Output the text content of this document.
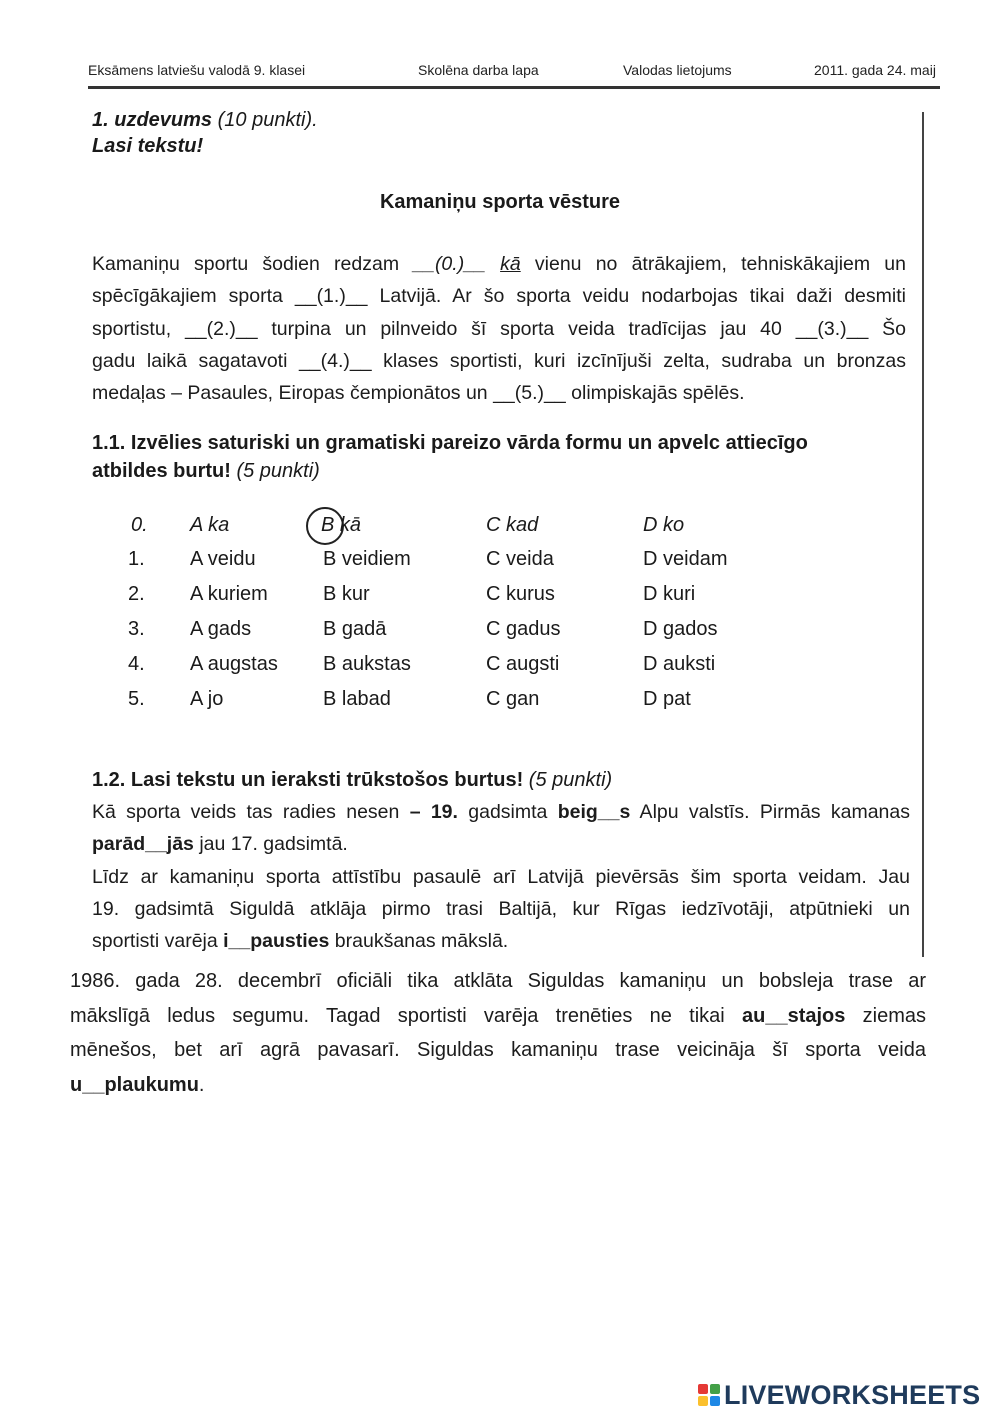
Eksāmens latviešu valodā 9. klasei	Skolēna darba lapa	Valodas lietojums	2011. gada 24. maij
1. uzdevums (10 punkti).
Lasi tekstu!
Kamaniņu sporta vēsture
Kamaniņu sportu šodien redzam __(0.)__ kā vienu no ātrākajiem, tehniskākajiem un
spēcīgākajiem sporta __(1.)__ Latvijā. Ar šo sporta veidu nodarbojas tikai daži desmiti
sportistu, __(2.)__ turpina un pilnveido šī sporta veida tradīcijas jau 40 __(3.)__ Šo
gadu laikā sagatavoti __(4.)__ klases sportisti, kuri izcīnījuši zelta, sudraba un bronzas
medaļas – Pasaules, Eiropas čempionātos un __(5.)__ olimpiskajās spēlēs.
1.1. Izvēlies saturiski un gramatiski pareizo vārda formu un apvelc attiecīgo
atbildes burtu! (5 punkti)
0. A ka	B kā	C kad	D ko
1. A veidu	B veidiem	C veida	D veidam
2. A kuriem	B kur	C kurus	D kuri
3. A gads	B gadā	C gadus	D gados
4. A augstas B aukstas	C augsti	D auksti
5. A jo	B labad	C gan	D pat
1.2. Lasi tekstu un ieraksti trūkstošos burtus! (5 punkti)
Kā sporta veids tas radies nesen – 19. gadsimta beig__s Alpu valstīs. Pirmās kamanas
parād__jās jau 17. gadsimtā.
Līdz ar kamaniņu sporta attīstību pasaulē arī Latvijā pievērsās šim sporta veidam. Jau
19. gadsimtā Siguldā atklāja pirmo trasi Baltijā, kur Rīgas iedzīvotāji, atpūtnieki un
sportisti varēja i__pausties braukšanas mākslā.
1986. gada 28. decembrī oficiāli tika atklāta Siguldas kamaniņu un bobsleja trase ar
mākslīgā ledus segumu. Tagad sportisti varēja trenēties ne tikai au__stajos ziemas
mēnešos, bet arī agrā pavasarī. Siguldas kamaniņu trase veicināja šī sporta veida
u__plaukumu.
LIVEWORKSHEETS
